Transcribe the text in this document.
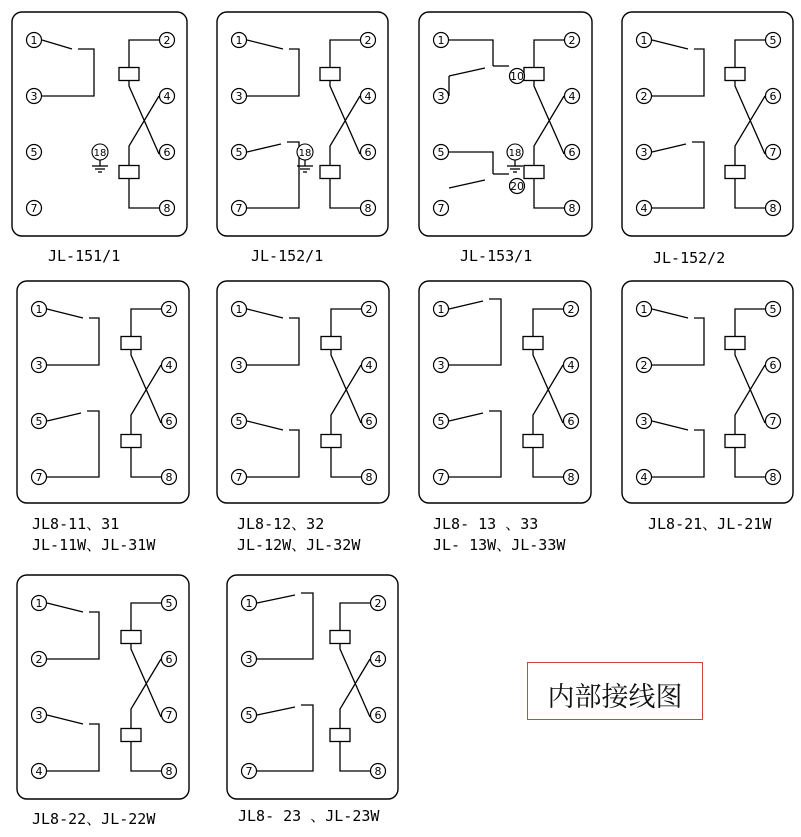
18
1	2
3	4
5	6
7	8
18
1	2
3	4
5	6
7	8
10
20
18
1	2
3	4
5	6
7	8
1	5
2	6
3	7
4	8
1	2
3	4
5	6
7	8
1	2
3	4
5	6
7	8
1	2
3	4
5	6
7	8
1	5
2	6
3	7
4	8
1	5
2	6
3	7
4	8
1	2
3	4
5	6
7	8
内部接线图
JL-151/1	JL-152/1	JL-153/1	JL-152/2
JL8-11、31
JL-11W、JL-31W
JL8-12、32
JL-12W、JL-32W
JL8- 13 、33
JL- 13W、JL-33W
JL8-21、JL-21W
JL8-22、JL-22W	JL8- 23 、JL-23W
